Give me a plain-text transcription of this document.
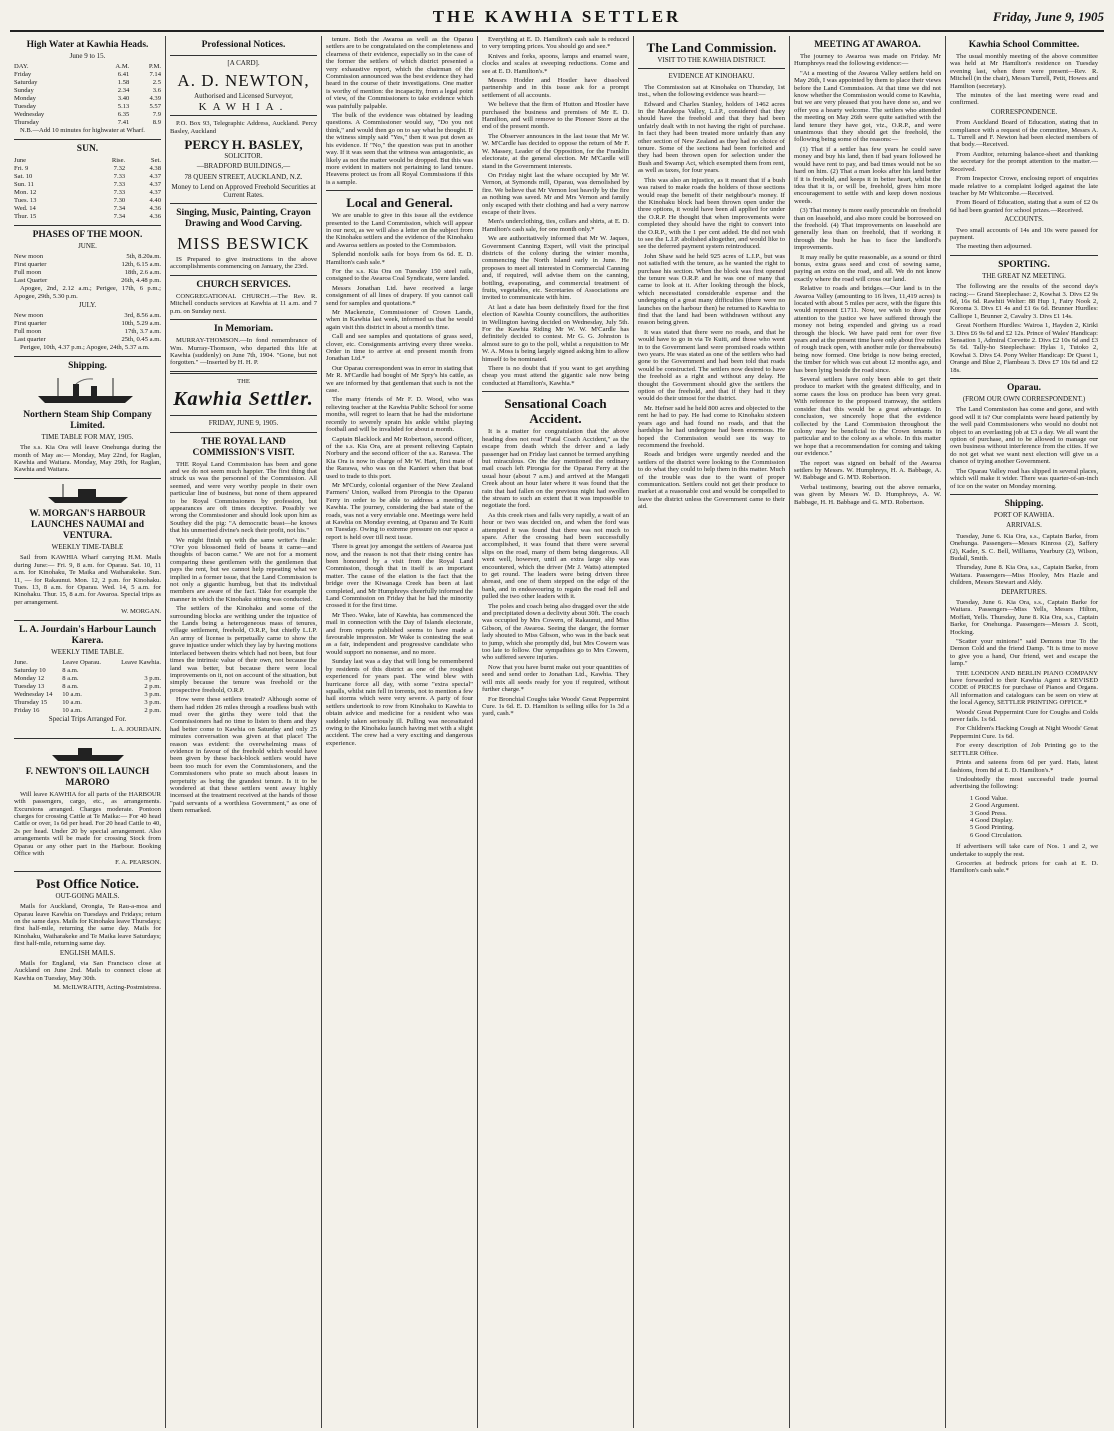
THE KAWHIA SETTLER	Friday, June 9, 1905
High Water at Kawhia Heads.
June 9 to 15.
DAY.	A.M.	P.M.
Friday	6.41	7.14
Saturday	1.58	2.5
Sunday	2.34	3.6
Monday	3.40	4.39
Tuesday	5.13	5.57
Wednesday	6.35	7.9
Thursday	7.41	8.9

N.B.—Add 10 minutes for highwater at Wharf.

SUN.
June	Rise.	Set.
Fri. 9	7.32	4.38
Sat. 10	7.33	4.37
Sun. 11	7.33	4.37
Mon. 12	7.33	4.37
Tues. 13	7.30	4.40
Wed. 14	7.34	4.36
Thur. 15	7.34	4.36
PHASES OF THE MOON.
JUNE.
New moon	5th, 8.20a.m.
First quarter	12th, 6.15 a.m.
Full moon	18th, 2.6 a.m.
Last Quarter	26th, 4.48 p.m.

Apogee, 2nd, 2.12 a.m.; Perigee, 17th, 6 p.m.; Apogee, 29th, 5.30 p.m.

JULY.
New moon	3rd, 8.56 a.m.
First quarter	10th, 5.29 a.m.
Full moon	17th, 3.7 a.m.
Last quarter	25th, 0.45 a.m.

Perigee, 10th, 4.37 p.m.; Apogee, 24th, 5.37 a.m.

Shipping.
Northern Steam Ship Company Limited.
TIME TABLE FOR MAY, 1905.

The s.s. Kia Ora will leave Onehunga during the month of May as:— Monday, May 22nd, for Raglan, Kawhia and Waitara. Monday, May 29th, for Raglan, Kawhia and Waitara.

W. MORGAN'S HARBOUR LAUNCHES NAUMAI and VENTURA.
WEEKLY TIME-TABLE

Sail from KAWHIA Wharf carrying H.M. Mails during June:— Fri. 9, 8 a.m. for Oparau. Sat. 10, 11 a.m. for Kinohaku, Te Maika and Waiharakeke. Sun. 11, — for Rakaunui. Mon. 12, 2 p.m. for Kinohaku. Tues. 13, 8 a.m. for Oparau. Wed. 14, 5 a.m. for Kinohaku. Thur. 15, 8 a.m. for Awaroa. Special trips as per arrangement.

W. MORGAN.
L. A. Jourdain's Harbour Launch Karera.
WEEKLY TIME TABLE.
June.	Leave Oparau.	Leave Kawhia.
Saturday 10	8 a.m.	
Monday 12	8 a.m.	3 p.m.
Tuesday 13	8 a.m.	2 p.m.
Wednesday 14	10 a.m.	3 p.m.
Thursday 15	10 a.m.	3 p.m.
Friday 16	10 a.m.	2 p.m.
Special Trips Arranged For.
L. A. JOURDAIN.
F. NEWTON'S OIL LAUNCH MARORO

Will leave KAWHIA for all parts of the HARBOUR with passengers, cargo, etc., as arrangements. Excursions arranged. Charges moderate. Pontoon charges for crossing Cattle at Te Maika:— For 40 head Cattle or over, 1s 6d per head. For 20 head Cattle to 40, 2s per head. Under 20 by special arrangement. Also arrangements will be made for crossing Stock from Oparau or any other part in the Harbour. Booking Office with

F. A. PEARSON.
Post Office Notice.
OUT-GOING MAILS.

Mails for Auckland, Orongia, Te Rau-a-moa and Oparau leave Kawhia on Tuesdays and Fridays; return on the same days. Mails for Kinohaku leave Thursdays; first half-mile, returning the same day. Mails for Kinohaku, Waiharakeke and Te Maika leave Saturdays; first half-mile, returning same day.

ENGLISH MAILS.

Mails for England, via San Francisco close at Auckland on June 2nd. Mails to connect close at Kawhia on Tuesday, May 30th.

M. McILWRAITH, Acting-Postmistress.
Professional Notices.
[A CARD].
A. D. NEWTON,
Authorised and Licensed Surveyor,
KAWHIA.

P.O. Box 93, Telegraphic Address, Auckland. Percy Basley, Auckland

PERCY H. BASLEY,
SOLICITOR.
—BRADFORD BUILDINGS,—
78 QUEEN STREET, AUCKLAND, N.Z.
Money to Lend on Approved Freehold Securities at Current Rates.
Singing, Music, Painting, Crayon Drawing and Wood Carving.
MISS BESWICK

IS Prepared to give instructions in the above accomplishments commencing on January, the 23rd.

CHURCH SERVICES.

CONGREGATIONAL CHURCH.—The Rev. R. Mitchell conducts services at Kawhia at 11 a.m. and 7 p.m. on Sunday next.

In Memoriam.

MURRAY-THOMSON.—In fond remembrance of Wm. Murray-Thomson, who departed this life at Kawhia (suddenly) on June 7th, 1904. "Gone, but not forgotten." —Inserted by H. H. P.

THE
Kawhia Settler.
FRIDAY, JUNE 9, 1905.
THE ROYAL LAND COMMISSION'S VISIT.

THE Royal Land Commission has been and gone and we do not seem much happier. The first thing that struck us was the personnel of the Commission. All seemed, and were very worthy people in their own particular line of business, but none of them appeared to be Royal Commissioners by profession, but appearances are oft times deceptive. Possibly we wrong the Commissioner and should look upon him as Southey did the pig: "A democratic beast—he knows that his unmerited divine's neck their profit, not his."

We might finish up with the same writer's finale: "O'er you blossomed field of beans it came—and thoughts of bacon came." We are not for a moment comparing these gentlemen with the gentlemen that pays the rent, but we cannot help repeating what we implied in a former issue, that the Land Commission is not only a gigantic humbug, but that its individual members are aware of the fact. Take for example the manner in which the Kinohaku sitting was conducted.

The settlers of the Kinohaku and some of the surrounding blocks are writhing under the injustice of the Lands being a heterogeneous mass of tenures, village settlement, freehold, O.R.P., but chiefly L.I.P. An army of license is perpetually came to show the grave injustice under which they lay by having motions interlaced between theirs which had not been, but four times the intrinsic value of their own, not because the land was better, but because there were local improvements on it, not on account of the situation, but simply because the tenure was freehold or the prospective freehold, O.R.P.

How were these settlers treated? Although some of them had ridden 26 miles through a roadless bush with mud over the girths they were told that the Commissioners had no time to listen to them and they had better come to Kawhia on Saturday and only 25 minutes conversation was given at that place! The reason was evident: the overwhelming mass of evidence in favour of the freehold which would have been given by these back-block settlers would have been too much for even the Commissioners, and the Commissioners who prate so much about leases in perpetuity as being the grandest tenure. Is it to be wondered at that these settlers went away highly incensed at the treatment received at the hands of those "paid servants of a worthless Government," as one of them remarked.

tenure. Both the Awaroa as well as the Oparau settlers are to be congratulated on the completeness and clearness of their evidence, especially so in the case of the former the settlers of which district presented a very exhaustive report, which the chairman of the Commission announced was the best evidence they had heard in the course of their investigations. One matter is worthy of mention: the incapacity, from a legal point of view, of the Commissioners to take evidence which was painfully palpable.

The bulk of the evidence was obtained by leading questions. A Commissioner would say, "Do you not think," and would then go on to say what he thought. If the witness simply said "Yes," then it was put down as his evidence. If "No," the question was put in another way. If it was seen that the witness was antagonistic, as likely as not the matter would be dropped. But this was more evident in matters not pertaining to land tenure. Heavens protect us from all Royal Commissions if this is a sample.

Local and General.

We are unable to give in this issue all the evidence presented to the Land Commission, which will appear in our next, as we will also a letter on the subject from the Kinohaku settlers and the evidence of the Kinohaku and Awaroa settlers as posted to the Commission.

Splendid nonfolk sails for boys from 6s 6d. E. D. Hamilton's cash sale.*

For the s.s. Kia Ora on Tuesday 150 steel rails, consigned to the Awaroa Coal Syndicate, were landed.

Messrs Jonathan Ltd. have received a large consignment of all lines of drapery. If you cannot call send for samples and quotations.*

Mr Mackenzie, Commissioner of Crown Lands, when in Kawhia last week, informed us that he would again visit this district in about a month's time.

Call and see samples and quotations of grass seed, clover, etc. Consignments arriving every three weeks. Order in time to arrive at end present month from Jonathan Ltd.*

Our Oparau correspondent was in error in stating that Mr R. M'Cardle had bought of Mr Spry's his cattle, as we are informed by that gentleman that such is not the case.

The many friends of Mr F. D. Wood, who was relieving teacher at the Kawhia Public School for some months, will regret to learn that he had the misfortune recently to severely sprain his ankle whilst playing football and will be invalided for about a month.

Captain Blacklock and Mr Robertson, second officer, of the s.s. Kia Ora, are at present relieving Captain Norbury and the second officer of the s.s. Rarawa. The Kia Ora is now in charge of Mr W. Hart, first mate of the Rarawa, who was on the Kanieri when that boat used to trade to this port.

Mr M'Curdy, colonial organiser of the New Zealand Farmers' Union, walked from Pirongia to the Oparau Ferry in order to be able to address a meeting at Kawhia. The journey, considering the bad state of the roads, was not a very enviable one. Meetings were held at Kawhia on Monday evening, at Oparau and Te Kuiti on Tuesday. Owing to extreme pressure on our space a report is held over till next issue.

There is great joy amongst the settlers of Awaroa just now, and the reason is not that their rising centre has been honoured by a visit from the Royal Land Commission, though that in itself is an important matter. The cause of the elation is the fact that the bridge over the Kiwanaga Creek has been at last completed, and Mr Humphreys cheerfully informed the Land Commission on Friday that he had the minority crossed it for the first time.

Mr Theo. Wake, late of Kawhia, has commenced the mail in connection with the Day of Islands electorate, and from reports published seems to have made a favourable impression. Mr Wake is contesting the seat as a fair, independent and progressive candidate who would support no nonsense, and no more.

Sunday last was a day that will long be remembered by residents of this district as one of the roughest experienced for years past. The wind blew with hurricane force all day, with some "extra special" squalls, whilst rain fell in torrents, not to mention a few hail storms which were very severe. A party of four settlers undertook to row from Kinohaku to Kawhia to obtain advice and medicine for a resident who was suddenly taken seriously ill. Pulling was necessitated owing to the Kinohaku launch having met with a slight accident. The crew had a very exciting and dangerous experience.

Everything at E. D. Hamilton's cash sale is reduced to very tempting prices. You should go and see.*

Knives and forks, spoons, lamps and enamel ware, clocks and scales at sweeping reductions. Come and see at E. D. Hamilton's.*

Messrs Hodder and Hostler have dissolved partnership and in this issue ask for a prompt settlement of all accounts.

We believe that the firm of Hutton and Hostler have purchased the business and premises of Mr E. D. Hamilton, and will remove to the Pioneer Store at the end of the present month.

The Observer announces in the last issue that Mr W. W. M'Cardle has decided to oppose the return of Mr F. W. Massey, Leader of the Opposition, for the Franklin electorate, at the general election. Mr M'Cardle will stand in the Government interests.

On Friday night last the whare occupied by Mr W. Vernon, at Symonds mill, Oparau, was demolished by fire. We believe that Mr Vernon lost heavily by the fire as nothing was saved. Mr and Mrs Vernon and family only escaped with their clothing and had a very narrow escape of their lives.

Men's underclothing, ties, collars and shirts, at E. D. Hamilton's cash sale, for one month only.*

We are authoritatively informed that Mr W. Jaques, Government Canning Expert, will visit the principal districts of the colony during the winter months, commencing the North Island early in June. He proposes to meet all interested in Commercial Canning and, if required, will advise them on the canning, bottling, evaporating, and commercial treatment of fruits, vegetables, etc. Secretaries of Associations are invited to communicate with him.

At last a date has been definitely fixed for the first election of Kawhia County councillors, the authorities in Wellington having decided on Wednesday, July 5th. For the Kawhia Riding Mr W. W. M'Cardle has definitely decided to contest. Mr G. G. Johnston is almost sure to go to the poll, whilst a requisition to Mr W. A. Moss is being largely signed asking him to allow himself to be nominated.

There is no doubt that if you want to get anything cheap you must attend the gigantic sale now being conducted at Hamilton's, Kawhia.*

Sensational Coach Accident.

It is a matter for congratulation that the above heading does not read "Fatal Coach Accident," as the escape from death which the driver and a lady passenger had on Friday last cannot be termed anything but miraculous. On the day mentioned the ordinary mail coach left Pirongia for the Oparau Ferry at the usual hour (about 7 a.m.) and arrived at the Mangati Creek about an hour later where it was found that the rain that had fallen on the previous night had swollen the stream to such an extent that it was impossible to negotiate the ford.

As this creek rises and falls very rapidly, a wait of an hour or two was decided on, and when the ford was attempted it was found that there was not much to spare. After the crossing had been successfully accomplished, it was found that there were several slips on the road, many of them being dangerous. All went well, however, until an extra large slip was encountered, which the driver (Mr J. Watts) attempted to get round. The leaders were being driven three abreast, and one of them stepped on the edge of the bank, and in endeavouring to regain the road fell and pulled the two other leaders with it.

The poles and coach being also dragged over the side and precipitated down a declivity about 30ft. The coach was occupied by Mrs Cowern, of Rakaunui, and Miss Gibson, of the Awaroa. Seeing the danger, the former lady shouted to Miss Gibson, who was in the back seat to jump, which she promptly did, but Mrs Cowern was too late to follow. Our sympathies go to Mrs Cowern, who suffered severe injuries.

Now that you have burnt make out your quantities of seed and send order to Jonathan Ltd., Kawhia. They will mix all seeds ready for you if required, without further charge.*

For Bronchial Coughs take Woods' Great Peppermint Cure. 1s 6d. E. D. Hamilton is selling silks for 1s 3d a yard, cash.*

The Land Commission.
VISIT TO THE KAWHIA DISTRICT.
EVIDENCE AT KINOHAKU.

The Commission sat at Kinohaku on Thursday, 1st inst., when the following evidence was heard:—

Edward and Charles Stanley, holders of 1462 acres in the Marakopa Valley, L.I.P., considered that they should have the freehold and that they had been unfairly dealt with in not having the right of purchase. In fact they had been treated more unfairly than any other section of New Zealand as they had no choice of tenure. Some of the sections had been forfeited and they had been thrown open for selection under the Bush and Swamp Act, which exempted them from rent, as well as taxes, for four years.

This was also an injustice, as it meant that if a bush was raised to make roads the holders of those sections would reap the benefit of their neighbour's money. If the Kinohaku block had been thrown open under the three options, it would have been all applied for under the O.R.P. He thought that when improvements were completed they should have the right to convert into the O.R.P., with the 1 per cent added. He did not wish to see the L.I.P. abolished altogether, and would like to see the deferred payment system reintroduced.

John Shaw said he held 925 acres of L.I.P., but was not satisfied with the tenure, as he wanted the right to purchase his section. When the block was first opened the tenure was O.R.P. and he was one of many that came to look at it. After looking through the block, which necessitated considerable expense and the undergoing of a great many difficulties (there were no launches on the harbour then) he returned to Kawhia to find that the land had been withdrawn without any reason being given.

It was stated that there were no roads, and that he would have to go in via Te Kuiti, and those who went in to the Government land were promised roads within two years. He was stated as one of the settlers who had gone to the Government and had been told that roads would be constructed. The settlers now desired to have the freehold as a right and without any delay. He thought the Government should give the settlers the option of the freehold, and that if they had it they would do their utmost for the district.

Mr. Hefner said he held 800 acres and objected to the rent he had to pay. He had come to Kinohaku sixteen years ago and had found no roads, and that the hardships he had undergone had been enormous. He hoped the Commission would see its way to recommend the freehold.

Roads and bridges were urgently needed and the settlers of the district were looking to the Commission to do what they could to help them in this matter. Much of the trouble was due to the want of proper communication. Settlers could not get their produce to market at a reasonable cost and would be compelled to leave the district unless the Government came to their aid.

MEETING AT AWAROA.

The journey to Awaroa was made on Friday. Mr Humphreys read the following evidence:—

"At a meeting of the Awaroa Valley settlers held on May 26th, I was appointed by them to place their views before the Land Commission. At that time we did not know whether the Commission would come to Kawhia, but we are very pleased that you have done so, and we offer you a hearty welcome. The settlers who attended the meeting on May 26th were quite satisfied with the land tenure they have got, viz., O.R.P., and were unanimous that they should get the freehold, the following being some of the reasons:—

(1) That if a settler has few years he could save money and buy his land, then if bad years followed he would have rent to pay, and bad times would not be so hard on him. (2) That a man looks after his land better if it is freehold, and keeps it in better heart, whilst the idea that it is, or will be, freehold, gives him more encouragement to settle with and keep down noxious weeds.

(3) That money is more easily procurable on freehold than on leasehold, and also more could be borrowed on the freehold. (4) That improvements on leasehold are generally less than on freehold, that if working it through the bush he has to face the landlord's improvements.

It may really be quite reasonable, as a sound or third bonus, extra grass seed and cost of sowing same, paying an extra on the road, and all. We do not know exactly where the road will cross our land.

Relative to roads and bridges.—Our land is in the Awaroa Valley (amounting to 16 lives, 11,419 acres) is located with about 5 miles per acre, with the figure this would represent £1711. Now, we wish to draw your attention to the justice we have suffered through the money not being expended and giving us a road through the block. We have paid rent for over five years and at the present time have only about five miles of rough track open, with another mile (or thereabouts) being now formed. One bridge is now being erected, the timber for which was cut about 12 months ago, and has been lying beside the road since.

Several settlers have only been able to get their produce to market with the greatest difficulty, and in some cases the loss on produce has been very great. With reference to the proposed tramway, the settlers consider that this would be a great advantage. In conclusion, we sincerely hope that the evidence collected by the Land Commission throughout the colony may be beneficial to the Crown tenants in particular and to the colony as a whole. In this matter we hope that a recommendation for coming and taking our evidence."

The report was signed on behalf of the Awaroa settlers by Messrs. W. Humphreys, H. A. Babbage, A. W. Babbage and G. M'D. Robertson.

Verbal testimony, bearing out the above remarks, was given by Messrs W. D. Humphreys, A. W. Babbage, H. H. Babbage and G. M'D. Robertson.

Kawhia School Committee.

The usual monthly meeting of the above committee was held at Mr Hamilton's residence on Tuesday evening last, when there were present—Rev. R. Mitchell (in the chair), Messrs Turrell, Petit, Howes and Hamilton (secretary).

The minutes of the last meeting were read and confirmed.

CORRESPONDENCE.

From Auckland Board of Education, stating that in compliance with a request of the committee, Messrs A. L. Turrell and F. Newton had been elected members of that body.—Received.

From Auditor, returning balance-sheet and thanking the secretary for the prompt attention to the matter.—Received.

From Inspector Crowe, enclosing report of enquiries made relative to a complaint lodged against the late teacher by Mr Whitcombe.—Received.

From Board of Education, stating that a sum of £2 0s 6d had been granted for school prizes.—Received.

ACCOUNTS.

Two small accounts of 14s and 10s were passed for payment.

The meeting then adjourned.

SPORTING.
THE GREAT NZ MEETING.

The following are the results of the second day's racing:— Grand Steeplechase: 2, Kowhai 3. Divs £2 9s 6d, 16s 6d. Rawhiti Welter: 88 Hup 1, Fairy Nook 2, Koroma 3. Divs £1 4s and £1 6s 6d. Brunner Hurdles: Calliope 1, Brunner 2, Cavalry 3. Divs £1 14s.

Great Northern Hurdles: Wairoa 1, Hayden 2, Kiriki 3. Divs £6 9s 6d and £2 12s. Prince of Wales' Handicap: Sensation 1, Admiral Corvette 2. Divs £2 10s 6d and £3 5s 6d. Tally-ho Steeplechase: Hylas 1, Tutoko 2, Kowhai 3. Divs £4. Pony Welter Handicap: Dr Quest 1, Orange and Blue 2, Flambeau 3. Divs £7 10s 6d and £2 18s.

Oparau.
(FROM OUR OWN CORRESPONDENT.)

The Land Commission has come and gone, and with good will it is? Our complaints were heard patiently by the well paid Commissioners who would no doubt not object to an everlasting job at £3 a day. We all want the option of purchase, and to be allowed to manage our own business without interference from the cities. If we do not get what we want next election will give us a chance of trying another Government.

The Oparau Valley road has slipped in several places, which will make it wider. There was quarter-of-an-inch of ice on the water on Monday morning.

Shipping.
PORT OF KAWHIA.
ARRIVALS.

Tuesday, June 6. Kia Ora, s.s., Captain Barke, from Onehunga. Passengers—Messrs Kinross (2), Saffery (2), Kader, S. C. Bell, Williams, Yearbury (2), Wilson, Budall, Smith.

Thursday, June 8. Kia Ora, s.s., Captain Barke, from Waitara. Passengers—Miss Hooley, Mrs Hazle and children, Messrs Stewart and Aldy.

DEPARTURES.

Tuesday, June 6. Kia Ora, s.s., Captain Barke for Waitara. Passengers—Miss Yells, Messrs Hilton, Moffatt, Yells. Thursday, June 8. Kia Ora, s.s., Captain Barke, for Onehunga. Passengers—Messrs J. Scott, Hocking.

"Scatter your minions!" said Demons true To the Demon Cold and the friend Damp. "It is time to move to give you a hand, Our friend, wet and escape the lamp."

THE LONDON AND BERLIN PIANO COMPANY have forwarded to their Kawhia Agent a REVISED CODE of PRICES for purchase of Pianos and Organs. All information and catalogues can be seen on view at the local Agency, SETTLER PRINTING OFFICE.*

Woods' Great Peppermint Cure for Coughs and Colds never fails. 1s 6d.

For Children's Hacking Cough at Night Woods' Great Peppermint Cure. 1s 6d.

For every description of Job Printing go to the SETTLER Office.

Prints and sateens from 6d per yard. Hats, latest fashions, from 8d at E. D. Hamilton's.*

Undoubtedly the most successful trade journal advertising the following:

1 Good Value.
2 Good Argument.
3 Good Press.
4 Good Display.
5 Good Printing.
6 Good Circulation.

If advertisers will take care of Nos. 1 and 2, we undertake to supply the rest.

Groceries at bedrock prices for cash at E. D. Hamilton's cash sale.*
